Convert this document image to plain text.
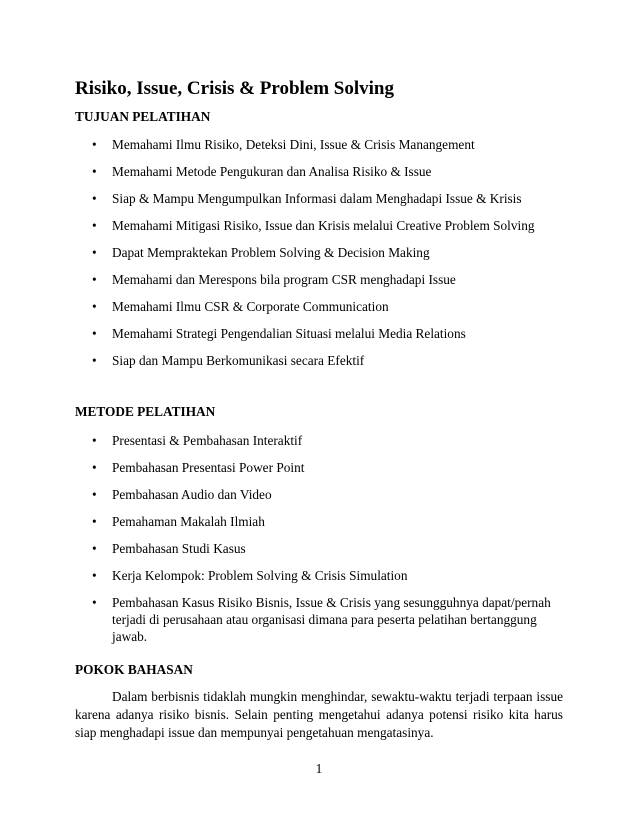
Risiko, Issue, Crisis & Problem Solving
TUJUAN PELATIHAN
• Memahami Ilmu Risiko, Deteksi Dini, Issue & Crisis Manangement
• Memahami Metode Pengukuran dan Analisa Risiko & Issue
• Siap & Mampu Mengumpulkan Informasi dalam Menghadapi Issue & Krisis
• Memahami Mitigasi Risiko, Issue dan Krisis melalui Creative Problem Solving
• Dapat Mempraktekan Problem Solving & Decision Making
• Memahami dan Merespons bila program CSR menghadapi Issue
• Memahami Ilmu CSR & Corporate Communication
• Memahami Strategi Pengendalian Situasi melalui Media Relations
• Siap dan Mampu Berkomunikasi secara Efektif
METODE PELATIHAN
• Presentasi & Pembahasan Interaktif
• Pembahasan Presentasi Power Point
• Pembahasan Audio dan Video
• Pemahaman Makalah Ilmiah
• Pembahasan Studi Kasus
• Kerja Kelompok: Problem Solving & Crisis Simulation
• Pembahasan Kasus Risiko Bisnis, Issue & Crisis yang sesungguhnya dapat/pernah terjadi di perusahaan atau organisasi dimana para peserta pelatihan bertanggung jawab.
POKOK BAHASAN

Dalam berbisnis tidaklah mungkin menghindar, sewaktu-waktu terjadi terpaan issue karena adanya risiko bisnis. Selain penting mengetahui adanya potensi risiko kita harus siap menghadapi issue dan mempunyai pengetahuan mengatasinya.

1
